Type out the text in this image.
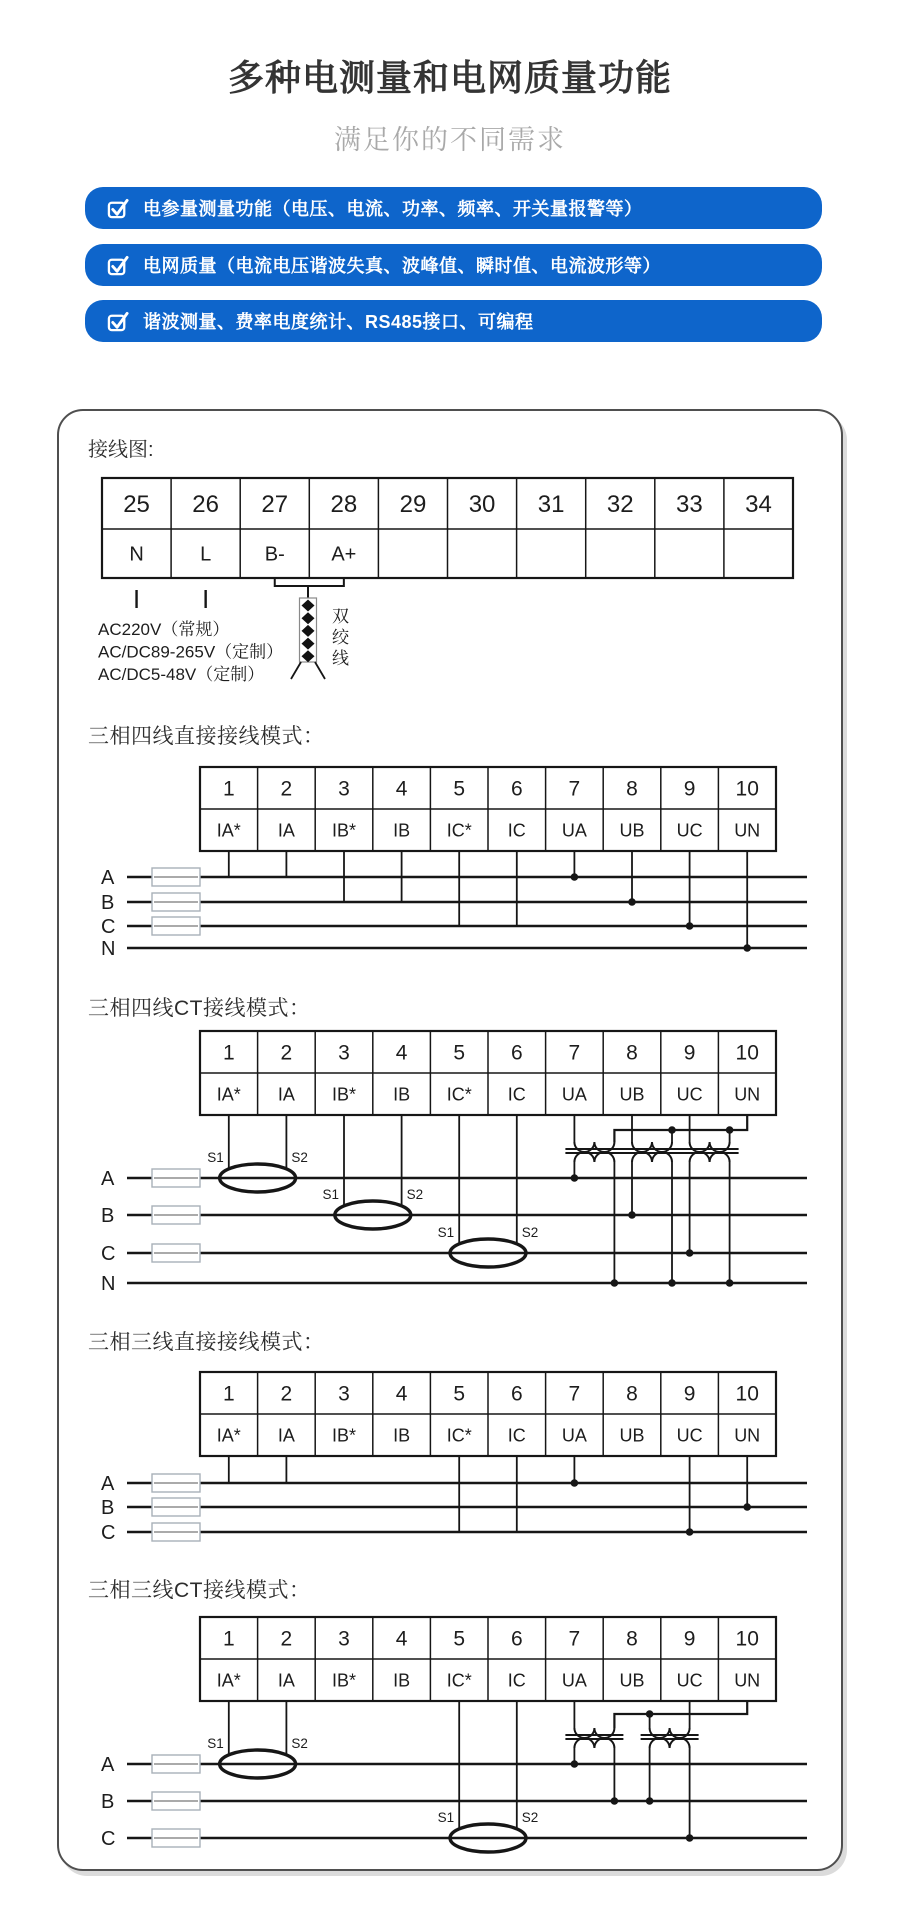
多种电测量和电网质量功能
满足你的不同需求
电参量测量功能（电压、电流、功率、频率、开关量报警等）
电网质量（电流电压谐波失真、波峰值、瞬时值、电流波形等）
谐波测量、费率电度统计、RS485接口、可编程
接线图:
25 26 27 28 29 30 31 32 33 34
N	L	B- A+
AC220V（常规）
AC/DC89-265V（定制）
AC/DC5-48V（定制）
双
绞
线
三相四线直接接线模式：
1 2 3 4 5 6 7 8 9 10
IA* IA IB* IB IC* IC UA UB UC UN
A
B
C
N
三相四线CT接线模式：
1 2 3 4 5 6 7 8 9 10
IA* IA IB* IB IC* IC UA UB UC UN
A
B
C
N
S1	S2
S1	S2
S1	S2
三相三线直接接线模式：
1 2 3 4 5 6 7 8 9 10
IA* IA IB* IB IC* IC UA UB UC UN
A
B
C
三相三线CT接线模式：
1 2 3 4 5 6 7 8 9 10
IA* IA IB* IB IC* IC UA UB UC UN
A
B
C
S1	S2
S1	S2
